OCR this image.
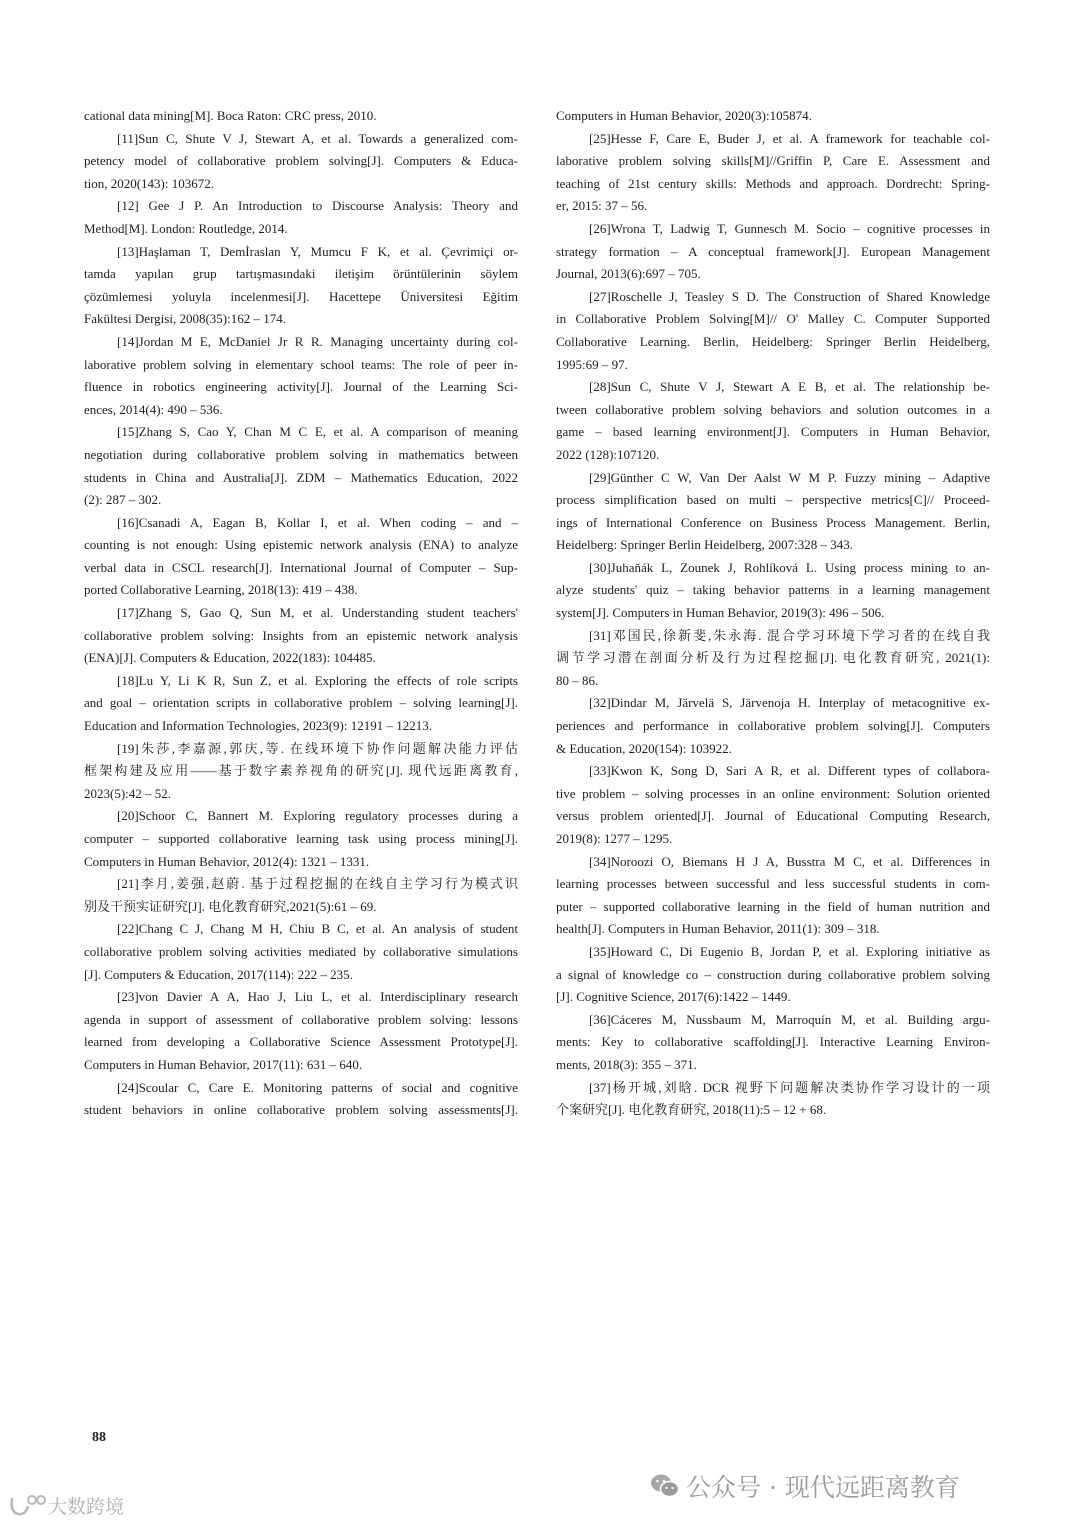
cational data mining[M]. Boca Raton: CRC press, 2010.
[11]Sun C, Shute V J, Stewart A, et al. Towards a generalized com-
petency model of collaborative problem solving[J]. Computers & Educa-
tion, 2020(143): 103672.
[12] Gee J P. An Introduction to Discourse Analysis: Theory and
Method[M]. London: Routledge, 2014.
[13]Haşlaman T, Demİraslan Y, Mumcu F K, et al. Çevrimiçi or-
tamda yapılan grup tartışmasındaki iletişim örüntülerinin söylem
çözümlemesi yoluyla incelenmesi[J]. Hacettepe Üniversitesi Eğitim
Fakültesi Dergisi, 2008(35):162 – 174.
[14]Jordan M E, McDaniel Jr R R. Managing uncertainty during col-
laborative problem solving in elementary school teams: The role of peer in-
fluence in robotics engineering activity[J]. Journal of the Learning Sci-
ences, 2014(4): 490 – 536.
[15]Zhang S, Cao Y, Chan M C E, et al. A comparison of meaning
negotiation during collaborative problem solving in mathematics between
students in China and Australia[J]. ZDM – Mathematics Education, 2022
(2): 287 – 302.
[16]Csanadi A, Eagan B, Kollar I, et al. When coding – and –
counting is not enough: Using epistemic network analysis (ENA) to analyze
verbal data in CSCL research[J]. International Journal of Computer – Sup-
ported Collaborative Learning, 2018(13): 419 – 438.
[17]Zhang S, Gao Q, Sun M, et al. Understanding student teachers'
collaborative problem solving: Insights from an epistemic network analysis
(ENA)[J]. Computers & Education, 2022(183): 104485.
[18]Lu Y, Li K R, Sun Z, et al. Exploring the effects of role scripts
and goal – orientation scripts in collaborative problem – solving learning[J].
Education and Information Technologies, 2023(9): 12191 – 12213.
[19]朱莎,李嘉源,郭庆,等. 在线环境下协作问题解决能力评估
框架构建及应用——基于数字素养视角的研究[J]. 现代远距离教育,
2023(5):42 – 52.
[20]Schoor C, Bannert M. Exploring regulatory processes during a
computer – supported collaborative learning task using process mining[J].
Computers in Human Behavior, 2012(4): 1321 – 1331.
[21]李月,姜强,赵蔚. 基于过程挖掘的在线自主学习行为模式识
别及干预实证研究[J]. 电化教育研究,2021(5):61 – 69.
[22]Chang C J, Chang M H, Chiu B C, et al. An analysis of student
collaborative problem solving activities mediated by collaborative simulations
[J]. Computers & Education, 2017(114): 222 – 235.
[23]von Davier A A, Hao J, Liu L, et al. Interdisciplinary research
agenda in support of assessment of collaborative problem solving: lessons
learned from developing a Collaborative Science Assessment Prototype[J].
Computers in Human Behavior, 2017(11): 631 – 640.
[24]Scoular C, Care E. Monitoring patterns of social and cognitive
student behaviors in online collaborative problem solving assessments[J].
Computers in Human Behavior, 2020(3):105874.
[25]Hesse F, Care E, Buder J, et al. A framework for teachable col-
laborative problem solving skills[M]//Griffin P, Care E. Assessment and
teaching of 21st century skills: Methods and approach. Dordrecht: Spring-
er, 2015: 37 – 56.
[26]Wrona T, Ladwig T, Gunnesch M. Socio – cognitive processes in
strategy formation – A conceptual framework[J]. European Management
Journal, 2013(6):697 – 705.
[27]Roschelle J, Teasley S D. The Construction of Shared Knowledge
in Collaborative Problem Solving[M]// O' Malley C. Computer Supported
Collaborative Learning. Berlin, Heidelberg: Springer Berlin Heidelberg,
1995:69 – 97.
[28]Sun C, Shute V J, Stewart A E B, et al. The relationship be-
tween collaborative problem solving behaviors and solution outcomes in a
game – based learning environment[J]. Computers in Human Behavior,
2022 (128):107120.
[29]Günther C W, Van Der Aalst W M P. Fuzzy mining – Adaptive
process simplification based on multi – perspective metrics[C]// Proceed-
ings of International Conference on Business Process Management. Berlin,
Heidelberg: Springer Berlin Heidelberg, 2007:328 – 343.
[30]Juhaňák L, Zounek J, Rohlíková L. Using process mining to an-
alyze students' quiz – taking behavior patterns in a learning management
system[J]. Computers in Human Behavior, 2019(3): 496 – 506.
[31]邓国民,徐新斐,朱永海. 混合学习环境下学习者的在线自我
调节学习潜在剖面分析及行为过程挖掘[J]. 电化教育研究, 2021(1):
80 – 86.
[32]Dindar M, Järvelä S, Järvenoja H. Interplay of metacognitive ex-
periences and performance in collaborative problem solving[J]. Computers
& Education, 2020(154): 103922.
[33]Kwon K, Song D, Sari A R, et al. Different types of collabora-
tive problem – solving processes in an online environment: Solution oriented
versus problem oriented[J]. Journal of Educational Computing Research,
2019(8): 1277 – 1295.
[34]Noroozi O, Biemans H J A, Busstra M C, et al. Differences in
learning processes between successful and less successful students in com-
puter – supported collaborative learning in the field of human nutrition and
health[J]. Computers in Human Behavior, 2011(1): 309 – 318.
[35]Howard C, Di Eugenio B, Jordan P, et al. Exploring initiative as
a signal of knowledge co – construction during collaborative problem solving
[J]. Cognitive Science, 2017(6):1422 – 1449.
[36]Cáceres M, Nussbaum M, Marroquín M, et al. Building argu-
ments: Key to collaborative scaffolding[J]. Interactive Learning Environ-
ments, 2018(3): 355 – 371.
[37]杨开城,刘晗. DCR 视野下问题解决类协作学习设计的一项
个案研究[J]. 电化教育研究, 2018(11):5 – 12 + 68.
88
公众号 · 现代远距离教育
大数跨境
